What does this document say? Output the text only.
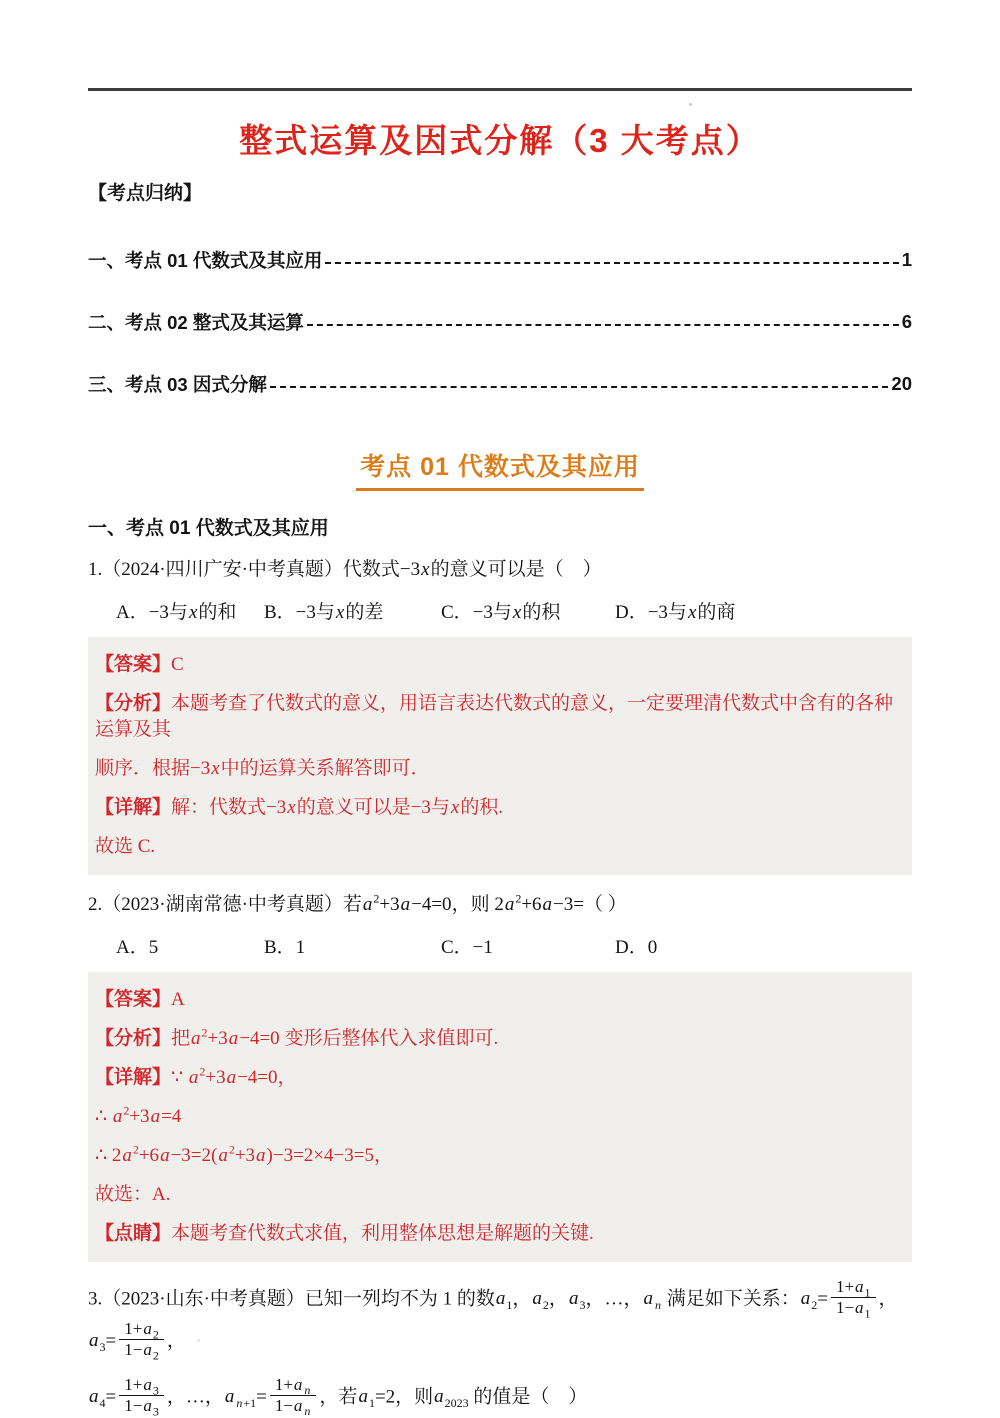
整式运算及因式分解（3 大考点）
【考点归纳】
一、考点 01 代数式及其应用	1
二、考点 02 整式及其运算	6
三、考点 03 因式分解	20
考点 01 代数式及其应用
一、考点 01 代数式及其应用
1.（2024·四川广安·中考真题）代数式−3x的意义可以是（　）
A．−3与x的和	B．−3与x的差	C．−3与x的积	D．−3与x的商
【答案】C
【分析】本题考查了代数式的意义，用语言表达代数式的意义，一定要理清代数式中含有的各种运算及其
顺序．根据−3x中的运算关系解答即可．
【详解】解：代数式−3x的意义可以是−3与x的积.
故选 C.
2.（2023·湖南常德·中考真题）若$a^2+3a-4=0$，则 $2a^2+6a-3=$（ ）
A．5	B．1	C．−1	D．0
【答案】A
【分析】把$a^2+3a-4=0$ 变形后整体代入求值即可.
【详解】∵ $a^2+3a-4=0$，
∴ $a^2+3a=4$
∴ $2a^2+6a-3=2(a^2+3a)-3=2\times 4-3=5$，
故选：A.
【点睛】本题考查代数式求值，利用整体思想是解题的关键.
3.（2023·山东·中考真题）已知一列均不为 1 的数$a_1$，$a_2$，$a_3$，…，a $_n$ 满足如下关系：$a_2= \frac{1+a_1}{1-a_1}$ ，$a_3= \frac{1+a_2}{1-a_2}$ ，
$a_4= \frac{1+a_3}{1-a_3}$ ，…，a $_{n+1}= \frac{1+a _n}{1-a _n}$ ，若$a_1=2$，则$a_{2023}$ 的值是（　）
